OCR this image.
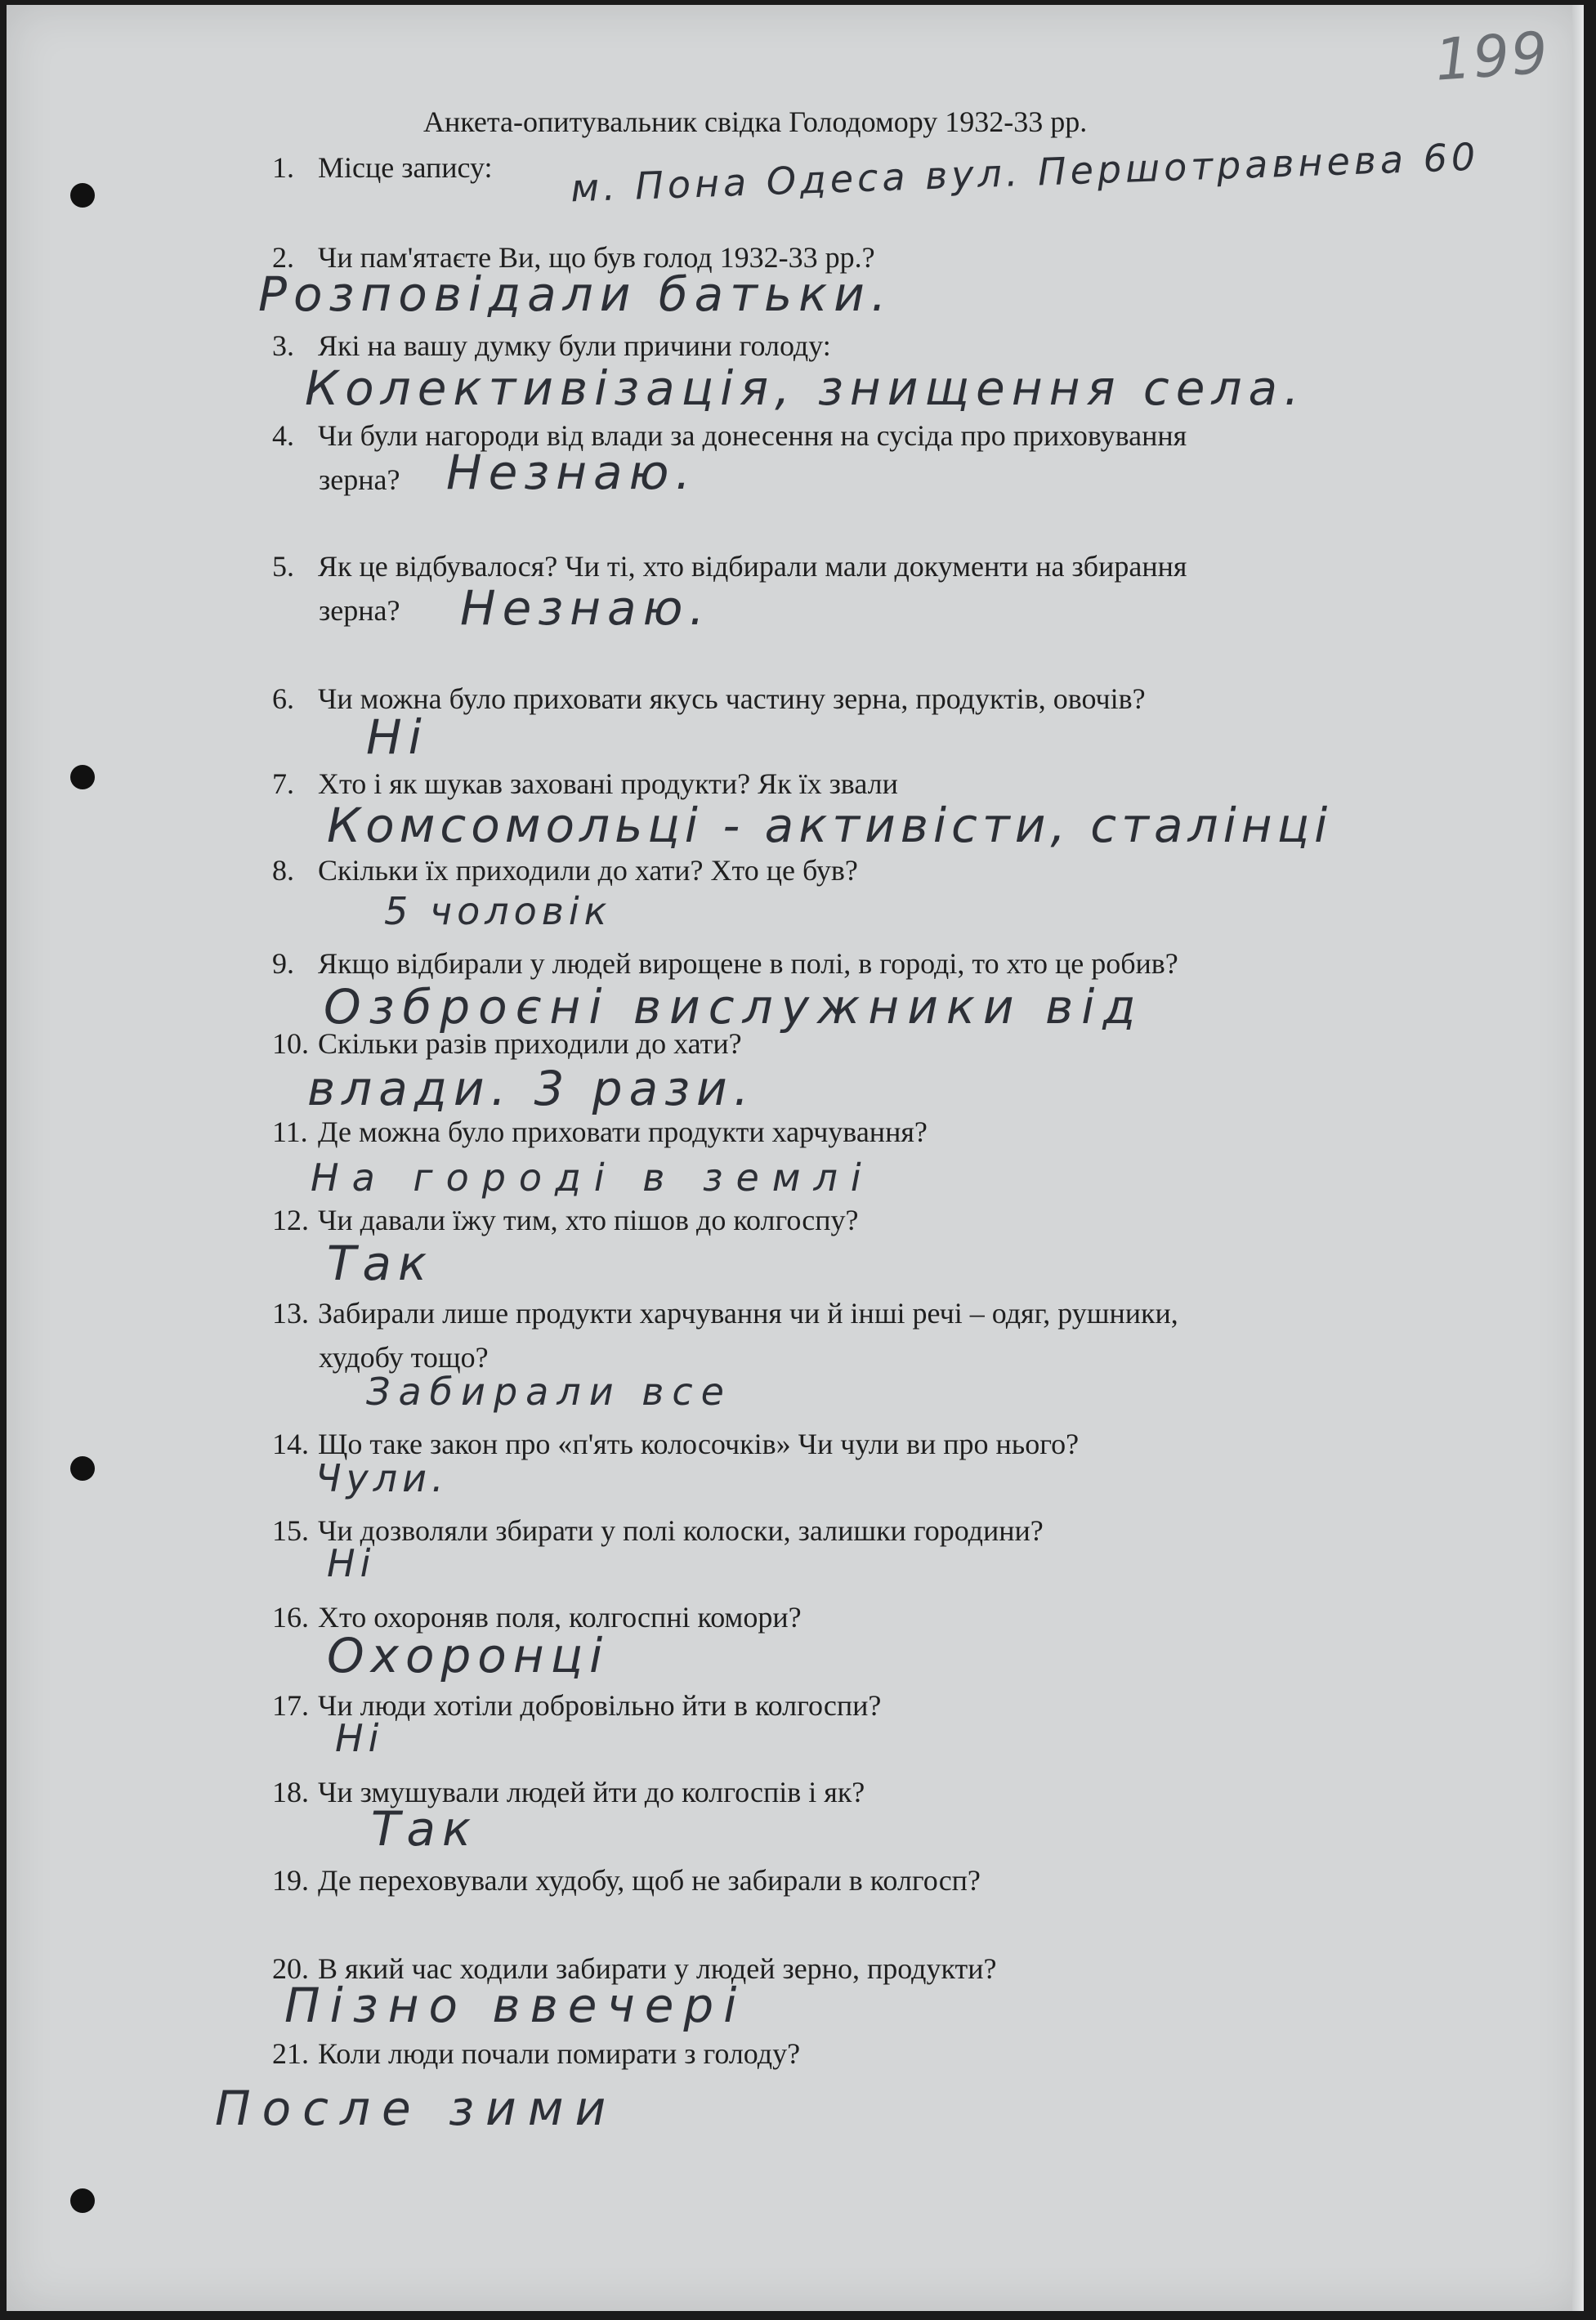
199
Анкета-опитувальник свідка Голодомору 1932-33 рр.
1. Місце запису: м. Пона Одеса вул. Першотравнева 60
2. Чи пам'ятаєте Ви, що був голод 1932-33 рр.?
Розповідали батьки.
3. Які на вашу думку були причини голоду:
Колективізація, знищення села.
4. Чи були нагороди від влади за донесення на сусіда про приховування
зерна? Незнаю.
5. Як це відбувалося? Чи ті, хто відбирали мали документи на збирання
зерна?	Незнаю.
6. Чи можна було приховати якусь частину зерна, продуктів, овочів?
Ні
7. Хто і як шукав заховані продукти? Як їх звали
Комсомольці - активісти, сталінці
8. Скільки їх приходили до хати? Хто це був?
5 чоловік
9. Якщо відбирали у людей вирощене в полі, в городі, то хто це робив?
Озброєні вислужники від
10. Скільки разів приходили до хати?
влади. 3 рази.
11. Де можна було приховати продукти харчування?
На городі в землі
12. Чи давали їжу тим, хто пішов до колгоспу?
Так
13. Забирали лише продукти харчування чи й інші речі – одяг, рушники,
худобу тощо?
Забирали все
14. Що таке закон про «п'ять колосочків» Чи чули ви про нього?
Чули.
15. Чи дозволяли збирати у полі колоски, залишки городини?
Ні
16. Хто охороняв поля, колгоспні комори?
Охоронці
17. Чи люди хотіли добровільно йти в колгоспи?
Ні
18. Чи змушували людей йти до колгоспів і як?
Так
19. Де переховували худобу, щоб не забирали в колгосп?
20. В який час ходили забирати у людей зерно, продукти?
Пізно ввечері
21. Коли люди почали помирати з голоду?
После зими
